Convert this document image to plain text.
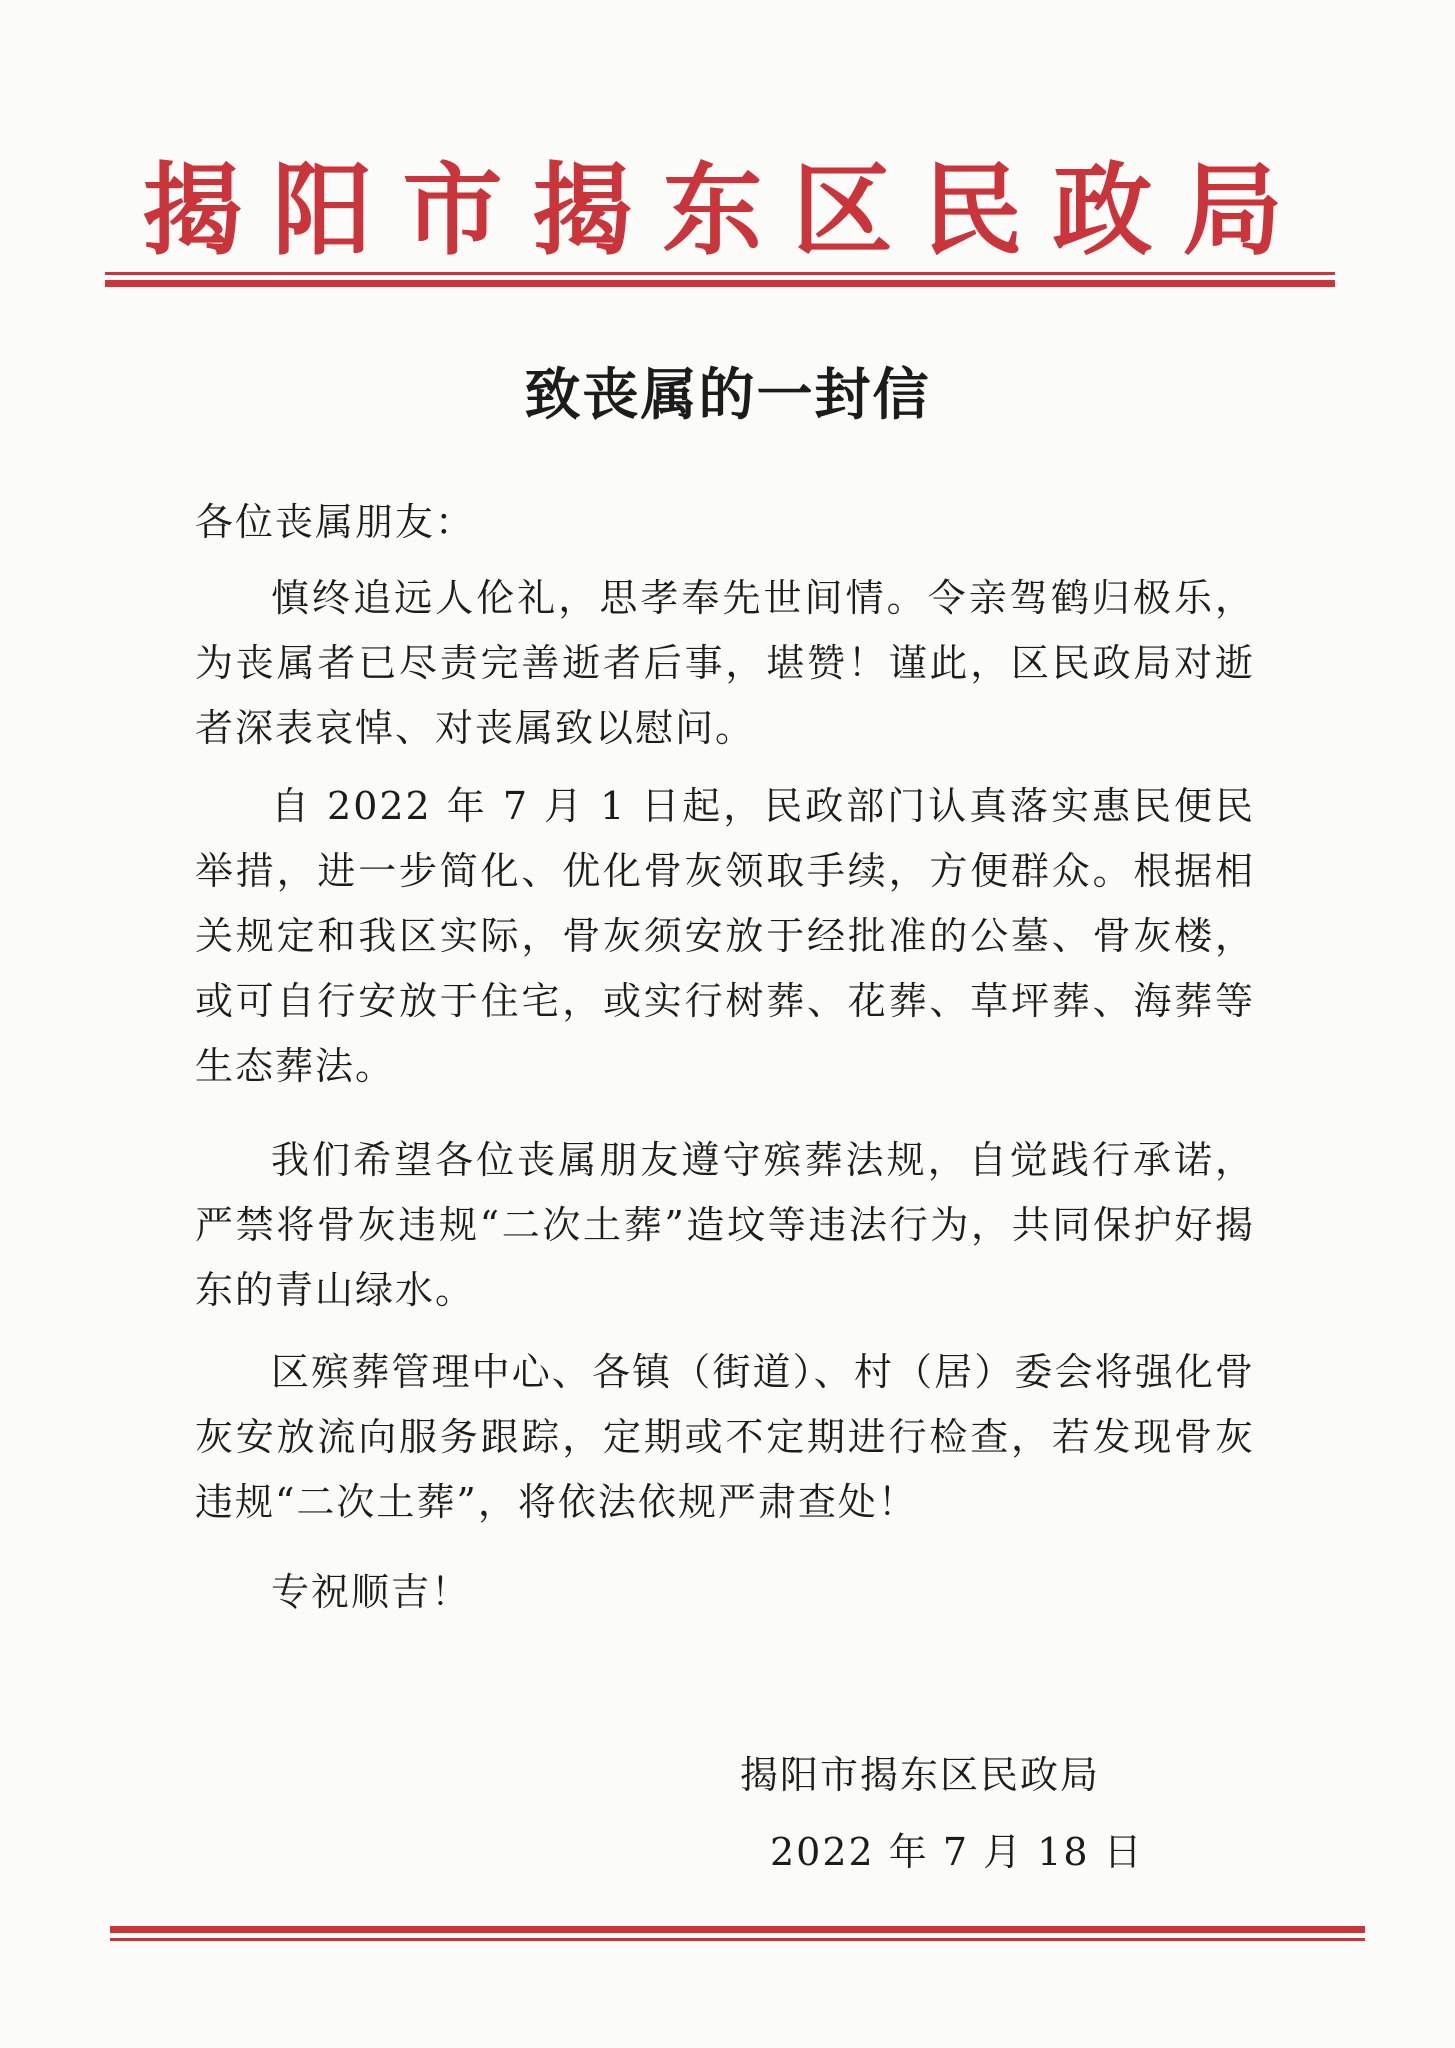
揭阳市揭东区民政局
致丧属的一封信
各位丧属朋友：
慎终追远人伦礼，思孝奉先世间情。令亲驾鹤归极乐，为丧属者已尽责完善逝者后事，堪赞！谨此，区民政局对逝者深表哀悼、对丧属致以慰问。
自 2022 年 7 月 1 日起，民政部门认真落实惠民便民举措，进一步简化、优化骨灰领取手续，方便群众。根据相关规定和我区实际，骨灰须安放于经批准的公墓、骨灰楼，或可自行安放于住宅，或实行树葬、花葬、草坪葬、海葬等生态葬法。
我们希望各位丧属朋友遵守殡葬法规，自觉践行承诺，严禁将骨灰违规“二次土葬”造坟等违法行为，共同保护好揭东的青山绿水。
区殡葬管理中心、各镇（街道）、村（居）委会将强化骨灰安放流向服务跟踪，定期或不定期进行检查，若发现骨灰违规“二次土葬”，将依法依规严肃查处！
专祝顺吉！
揭阳市揭东区民政局
2022 年 7 月 18 日
